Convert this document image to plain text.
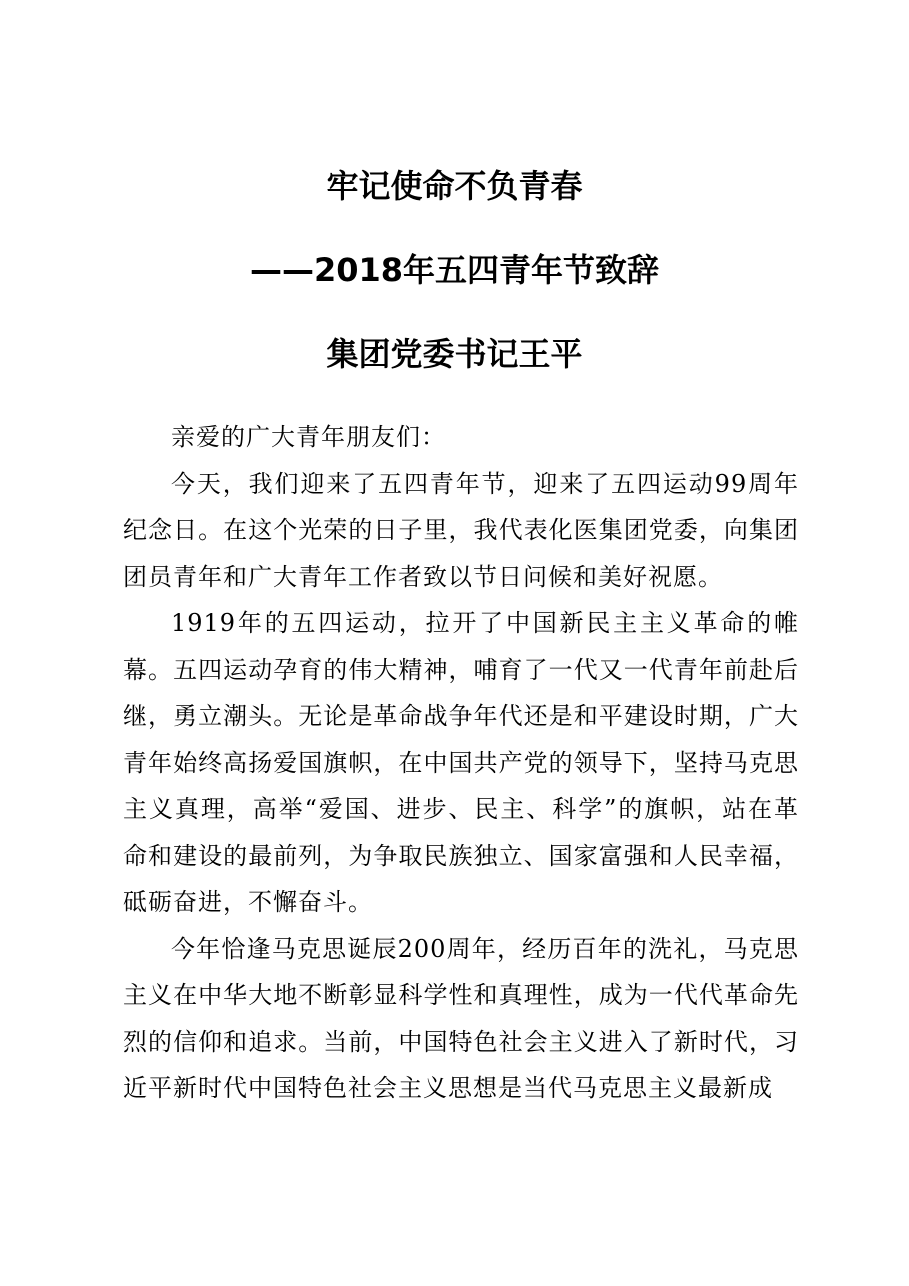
牢记使命不负青春
——2018年五四青年节致辞
集团党委书记王平

亲爱的广大青年朋友们：

今天，我们迎来了五四青年节，迎来了五四运动99周年纪念日。在这个光荣的日子里，我代表化医集团党委，向集团团员青年和广大青年工作者致以节日问候和美好祝愿。

1919年的五四运动，拉开了中国新民主主义革命的帷幕。五四运动孕育的伟大精神，哺育了一代又一代青年前赴后继，勇立潮头。无论是革命战争年代还是和平建设时期，广大青年始终高扬爱国旗帜，在中国共产党的领导下，坚持马克思主义真理，高举“爱国、进步、民主、科学”的旗帜，站在革命和建设的最前列，为争取民族独立、国家富强和人民幸福，砥砺奋进，不懈奋斗。

今年恰逢马克思诞辰200周年，经历百年的洗礼，马克思主义在中华大地不断彰显科学性和真理性，成为一代代革命先烈的信仰和追求。当前，中国特色社会主义进入了新时代，习近平新时代中国特色社会主义思想是当代马克思主义最新成
